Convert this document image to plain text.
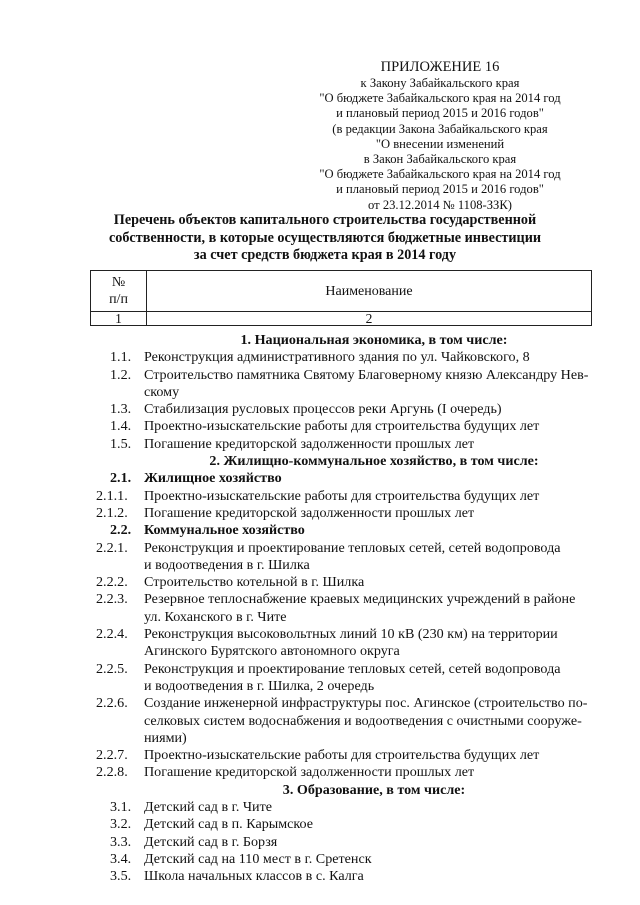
ПРИЛОЖЕНИЕ 16
к Закону Забайкальского края
"О бюджете Забайкальского края на 2014 год
и плановый период 2015 и 2016 годов"
(в редакции Закона Забайкальского края
"О внесении изменений
в Закон Забайкальского края
"О бюджете Забайкальского края на 2014 год
и плановый период 2015 и 2016 годов"
от 23.12.2014 № 1108-ЗЗК)
Перечень объектов капитального строительства государственной
собственности, в которые осуществляются бюджетные инвестиции
за счет средств бюджета края в 2014 году
№
п/п	Наименование
1	2
1. Национальная экономика, в том числе:
1.1. Реконструкция административного здания по ул. Чайковского, 8
1.2. Строительство памятника Святому Благоверному князю Александру Нев-
скому
1.3. Стабилизация русловых процессов реки Аргунь (I очередь)
1.4. Проектно-изыскательские работы для строительства будущих лет
1.5. Погашение кредиторской задолженности прошлых лет
2. Жилищно-коммунальное хозяйство, в том числе:
2.1. Жилищное хозяйство
2.1.1.	Проектно-изыскательские работы для строительства будущих лет
2.1.2.	Погашение кредиторской задолженности прошлых лет
2.2. Коммунальное хозяйство
2.2.1.	Реконструкция и проектирование тепловых сетей, сетей водопровода
и водоотведения в г. Шилка
2.2.2.	Строительство котельной в г. Шилка
2.2.3.	Резервное теплоснабжение краевых медицинских учреждений в районе
ул. Коханского в г. Чите
2.2.4.	Реконструкция высоковольтных линий 10 кВ (230 км) на территории
Агинского Бурятского автономного округа
2.2.5.	Реконструкция и проектирование тепловых сетей, сетей водопровода
и водоотведения в г. Шилка, 2 очередь
2.2.6.	Создание инженерной инфраструктуры пос. Агинское (строительство по-
селковых систем водоснабжения и водоотведения с очистными сооруже-
ниями)
2.2.7.	Проектно-изыскательские работы для строительства будущих лет
2.2.8.	Погашение кредиторской задолженности прошлых лет
3. Образование, в том числе:
3.1. Детский сад в г. Чите
3.2. Детский сад в п. Карымское
3.3. Детский сад в г. Борзя
3.4. Детский сад на 110 мест в г. Сретенск
3.5. Школа начальных классов в с. Калга
